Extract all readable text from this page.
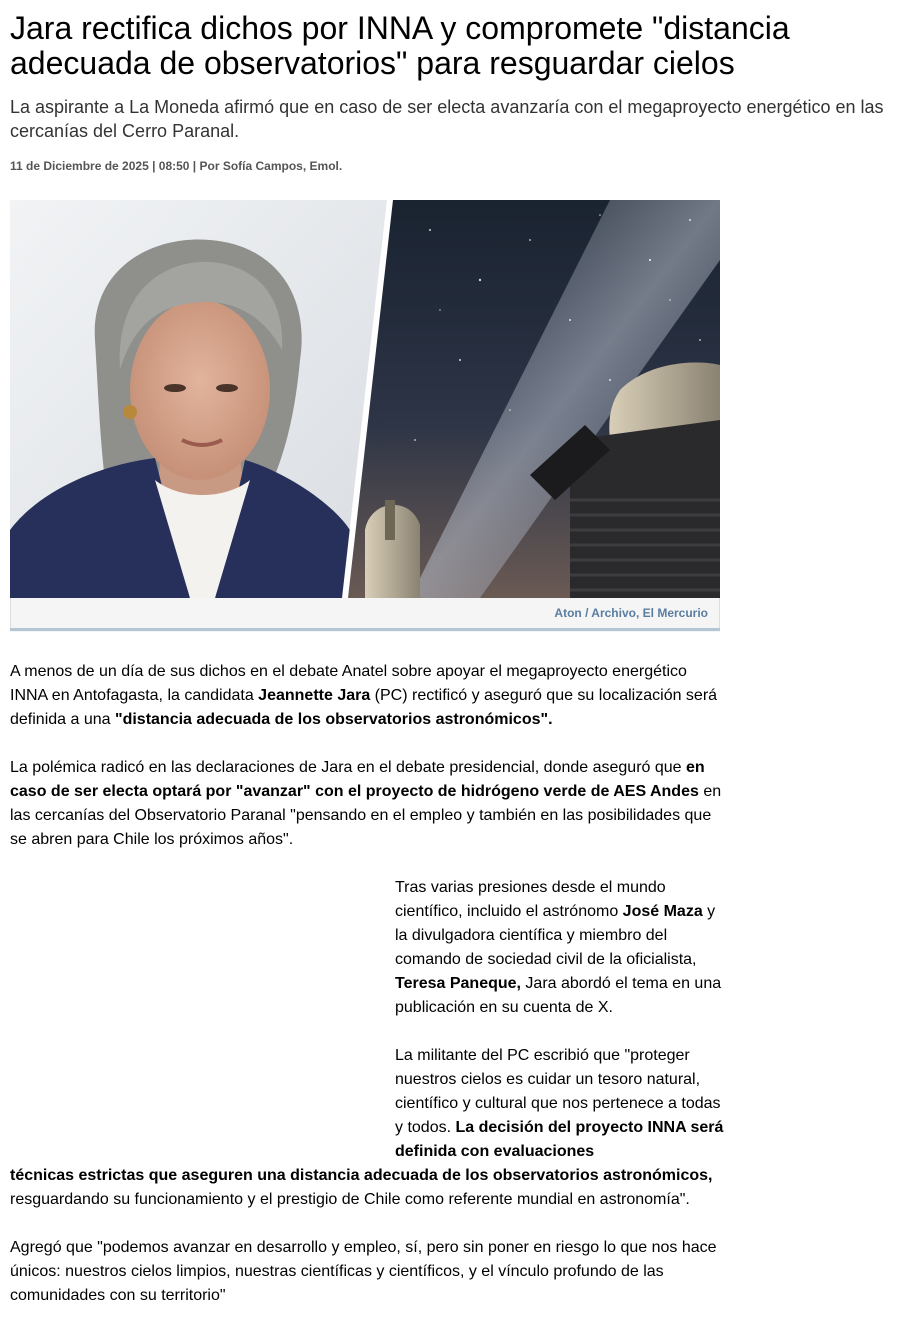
Jara rectifica dichos por INNA y compromete "distancia adecuada de observatorios" para resguardar cielos

La aspirante a La Moneda afirmó que en caso de ser electa avanzaría con el megaproyecto energético en las cercanías del Cerro Paranal.

11 de Diciembre de 2025 | 08:50 | Por Sofía Campos, Emol.
Aton / Archivo, El Mercurio

A menos de un día de sus dichos en el debate Anatel sobre apoyar el megaproyecto energético INNA en Antofagasta, la candidata Jeannette Jara (PC) rectificó y aseguró que su localización será definida a una "distancia adecuada de los observatorios astronómicos".

La polémica radicó en las declaraciones de Jara en el debate presidencial, donde aseguró que en caso de ser electa optará por "avanzar" con el proyecto de hidrógeno verde de AES Andes en las cercanías del Observatorio Paranal "pensando en el empleo y también en las posibilidades que se abren para Chile los próximos años".

Tras varias presiones desde el mundo científico, incluido el astrónomo José Maza y la divulgadora científica y miembro del comando de sociedad civil de la oficialista, Teresa Paneque, Jara abordó el tema en una publicación en su cuenta de X.

La militante del PC escribió que "proteger nuestros cielos es cuidar un tesoro natural, científico y cultural que nos pertenece a todas y todos. La decisión del proyecto INNA será definida con evaluaciones

técnicas estrictas que aseguren una distancia adecuada de los observatorios astronómicos,
resguardando su funcionamiento y el prestigio de Chile como referente mundial en astronomía".

Agregó que "podemos avanzar en desarrollo y empleo, sí, pero sin poner en riesgo lo que nos hace únicos: nuestros cielos limpios, nuestras científicas y científicos, y el vínculo profundo de las comunidades con su territorio"
